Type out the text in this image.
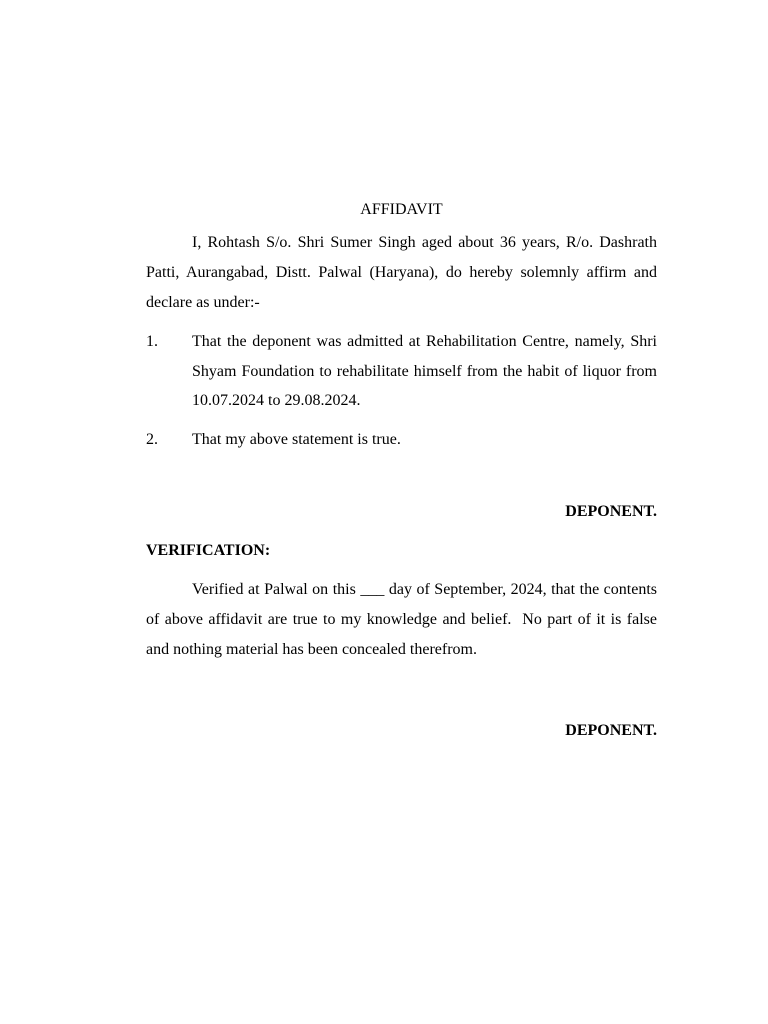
AFFIDAVIT

I, Rohtash S/o. Shri Sumer Singh aged about 36 years, R/o. Dashrath Patti, Aurangabad, Distt. Palwal (Haryana), do hereby solemnly affirm and declare as under:-

1. That the deponent was admitted at Rehabilitation Centre, namely, Shri Shyam Foundation to rehabilitate himself from the habit of liquor from 10.07.2024 to 29.08.2024.
2. That my above statement is true.
DEPONENT.
VERIFICATION:

Verified at Palwal on this ___ day of September, 2024, that the contents of above affidavit are true to my knowledge and belief.  No part of it is false and nothing material has been concealed therefrom.

DEPONENT.
